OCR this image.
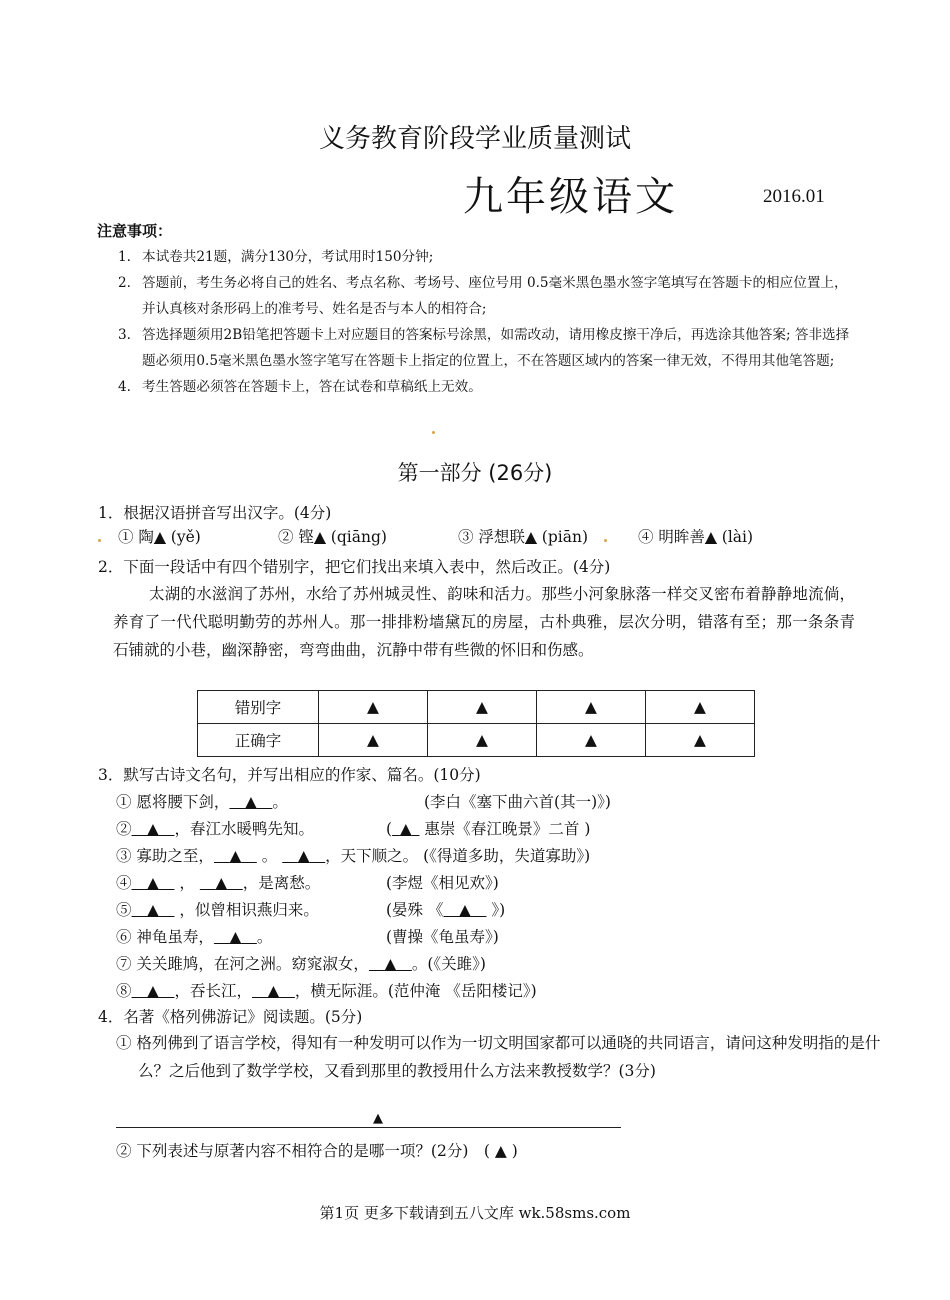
义务教育阶段学业质量测试
九年级语文	2016.01
注意事项：
1. 本试卷共21题，满分130分，考试用时150分钟;
2. 答题前，考生务必将自己的姓名、考点名称、考场号、座位号用 0.5毫米黑色墨水签字笔填写在答题卡的相应位置上，并认真核对条形码上的准考号、姓名是否与本人的相符合;
3. 答选择题须用2B铅笔把答题卡上对应题目的答案标号涂黑，如需改动，请用橡皮擦干净后，再选涂其他答案; 答非选择题必须用0.5毫米黑色墨水签字笔写在答题卡上指定的位置上，不在答题区域内的答案一律无效，不得用其他笔答题;
4. 考生答题必须答在答题卡上，答在试卷和草稿纸上无效。
第一部分 (26分)
1．根据汉语拼音写出汉字。(4分)
① 陶▲ (yě)	② 铿▲ (qiāng)	③ 浮想联▲ (piān)	④ 明眸善▲ (lài)
2．下面一段话中有四个错别字，把它们找出来填入表中，然后改正。(4分)
太湖的水滋润了苏州，水给了苏州城灵性、韵味和活力。那些小河象脉落一样交叉密布着静静地流倘，养育了一代代聪明勤劳的苏州人。那一排排粉墙黛瓦的房屋，古朴典雅，层次分明，错落有至；那一条条青石铺就的小巷，幽深静密，弯弯曲曲，沉静中带有些微的怀旧和伤感。
错别字	▲	▲	▲	▲
正确字	▲	▲	▲	▲
3．默写古诗文名句，并写出相应的作家、篇名。(10分)
① 愿将腰下剑，   ▲   。	(李白《塞下曲六首(其一)》)
②   ▲   ，春江水暖鸭先知。	(  ▲  惠崇《春江晚景》二首 )
③ 寡助之至，   ▲   。    ▲   ，天下顺之。 (《得道多助，失道寡助》)
④   ▲   ，    ▲   ，是离愁。	(李煜《相见欢》)
⑤   ▲   ，似曾相识燕归来。	(晏殊 《   ▲   》)
⑥ 神龟虽寿，   ▲   。	(曹操《龟虽寿》)
⑦ 关关雎鸠，在河之洲。窈窕淑女，   ▲   。(《关雎》)
⑧   ▲   ，吞长江，   ▲   ，横无际涯。(范仲淹 《岳阳楼记》)
4．名著《格列佛游记》阅读题。(5分)
① 格列佛到了语言学校，得知有一种发明可以作为一切文明国家都可以通晓的共同语言，请问这种发明指的是什么？之后他到了数学学校，又看到那里的教授用什么方法来教授数学？(3分)
▲
② 下列表述与原著内容不相符合的是哪一项？(2分)  ( ▲ )
第1页 更多下载请到五八文库 wk.58sms.com
